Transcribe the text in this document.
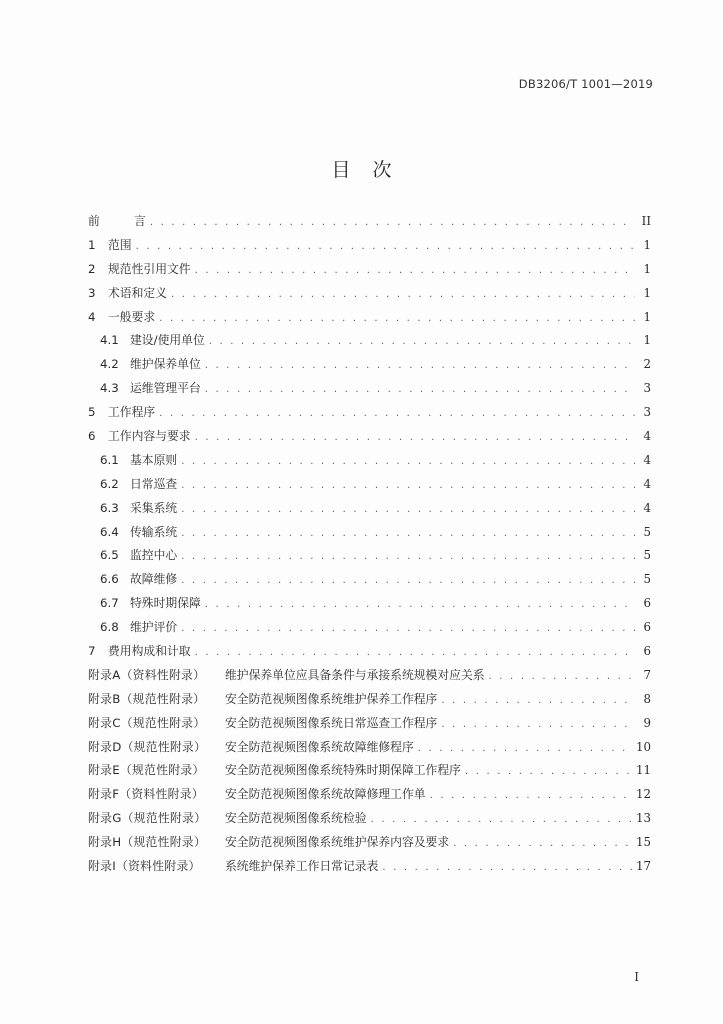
DB3206/T 1001—2019
目次
前	言 . . .	II
1	范围 . . .	1
2	规范性引用文件 . . .	1
3	术语和定义 . . .	1
4	一般要求 . . .	1
4.1 建设/使用单位 . . .	1
4.2 维护保养单位 . . .	2
4.3 运维管理平台 . . .	3
5	工作程序 . . .	3
6	工作内容与要求 . . .	4
6.1 基本原则 . . .	4
6.2 日常巡查 . . .	4
6.3 采集系统 . . .	4
6.4 传输系统 . . .	5
6.5 监控中心 . . .	5
6.6 故障维修 . . .	5
6.7 特殊时期保障 . . .	6
6.8 维护评价 . . .	6
7	费用构成和计取 . . .	6
附录A（资料性附录）	维护保养单位应具备条件与承接系统规模对应关系 . . .	7
附录B（规范性附录）	安全防范视频图像系统维护保养工作程序 . . .	8
附录C（规范性附录）	安全防范视频图像系统日常巡查工作程序 . . .	9
附录D（规范性附录）	安全防范视频图像系统故障维修程序 . . .	10
附录E（规范性附录）	安全防范视频图像系统特殊时期保障工作程序 . . .	11
附录F（资料性附录）	安全防范视频图像系统故障修理工作单 . . .	12
附录G（规范性附录）	安全防范视频图像系统检验 . . .	13
附录H（规范性附录）	安全防范视频图像系统维护保养内容及要求 . . .	15
附录I（资料性附录）	系统维护保养工作日常记录表 . . .	17
I
